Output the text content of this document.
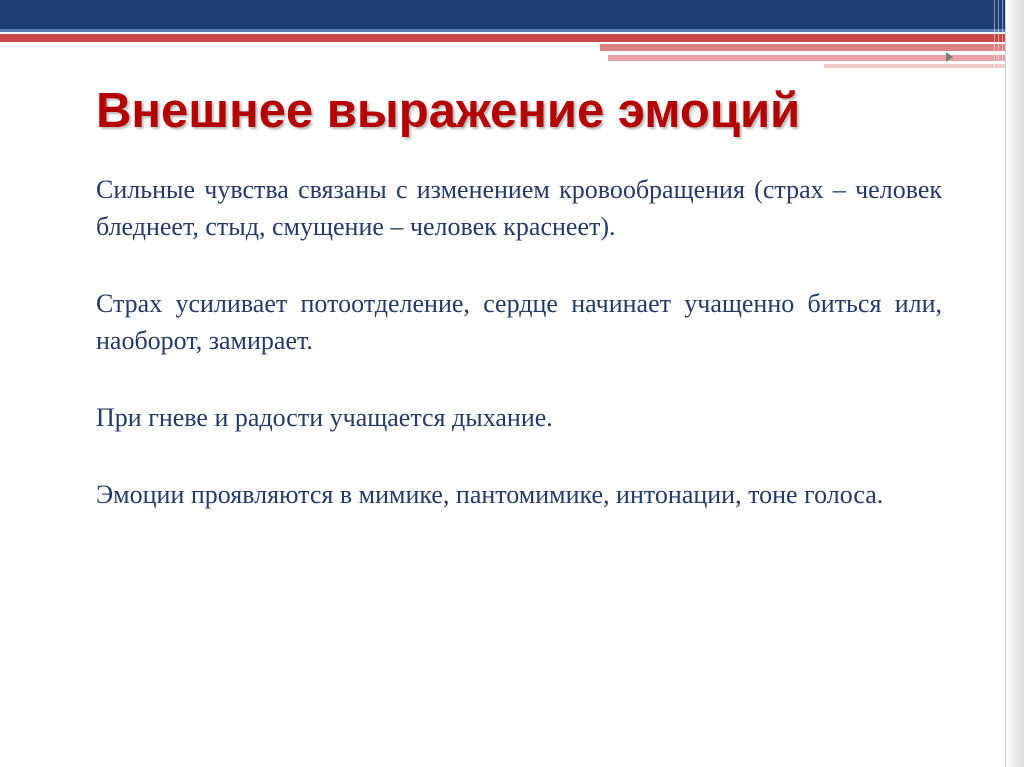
Внешнее выражение эмоций

Сильные чувства связаны с изменением кровообращения (страх – человек бледнеет, стыд, смущение – человек краснеет).

Страх усиливает потоотделение, сердце начинает учащенно биться или, наоборот, замирает.

При гневе и радости учащается дыхание.

Эмоции проявляются в мимике, пантомимике, интонации, тоне голоса.
